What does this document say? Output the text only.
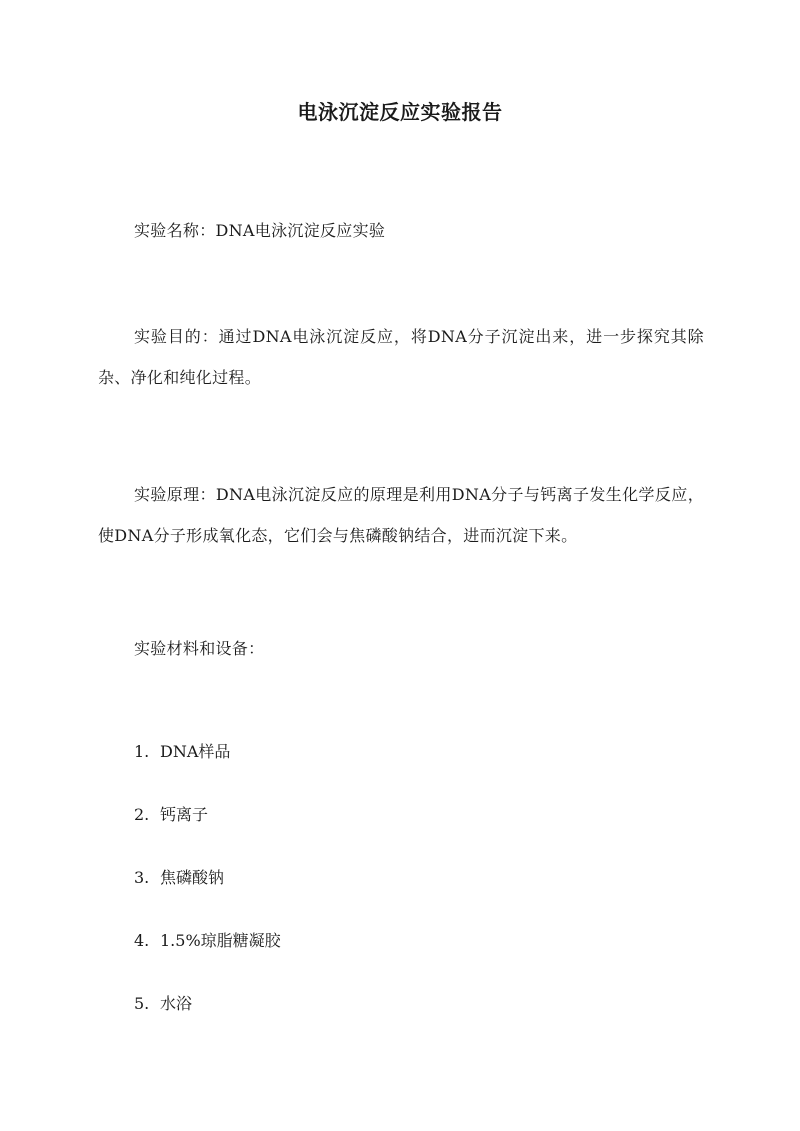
电泳沉淀反应实验报告
实验名称：DNA电泳沉淀反应实验
实验目的：通过DNA电泳沉淀反应，将DNA分子沉淀出来，进一步探究其除杂、净化和纯化过程。
实验原理：DNA电泳沉淀反应的原理是利用DNA分子与钙离子发生化学反应，使DNA分子形成氧化态，它们会与焦磷酸钠结合，进而沉淀下来。
实验材料和设备：
1. DNA样品
2. 钙离子
3. 焦磷酸钠
4. 1.5%琼脂糖凝胶
5. 水浴
